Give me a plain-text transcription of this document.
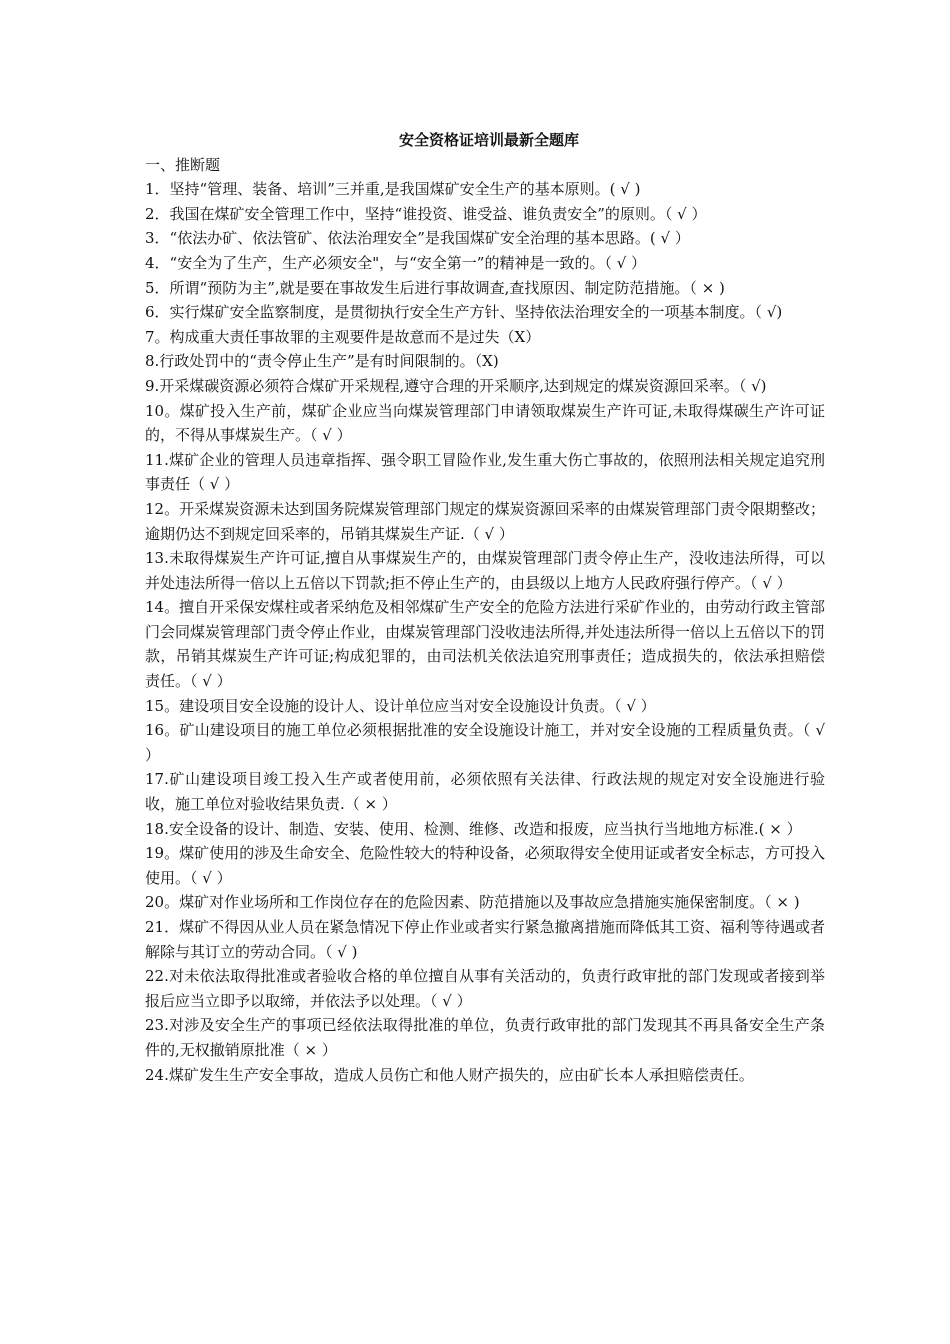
安全资格证培训最新全题库

一、推断题

1．坚持“管理、装备、培训”三并重,是我国煤矿安全生产的基本原则。( √ )

2．我国在煤矿安全管理工作中，坚持“谁投资、谁受益、谁负责安全”的原则。（ √ ）

3．“依法办矿、依法管矿、依法治理安全”是我国煤矿安全治理的基本思路。( √ ）

4．“安全为了生产，生产必须安全"，与“安全第一”的精神是一致的。（ √ ）

5．所谓“预防为主”,就是要在事故发生后进行事故调查,查找原因、制定防范措施。（ × )

6．实行煤矿安全监察制度，是贯彻执行安全生产方针、坚持依法治理安全的一项基本制度。（ √)

7。构成重大责任事故罪的主观要件是故意而不是过失（X）

8.行政处罚中的“责令停止生产”是有时间限制的。（X)

9.开采煤碳资源必须符合煤矿开采规程,遵守合理的开采顺序,达到规定的煤炭资源回采率。（ √)

10。煤矿投入生产前，煤矿企业应当向煤炭管理部门申请领取煤炭生产许可证,未取得煤碳生产许可证的，不得从事煤炭生产。（ √ ）

11.煤矿企业的管理人员违章指挥、强令职工冒险作业,发生重大伤亡事故的，依照刑法相关规定追究刑事责任（ √ ）

12。开采煤炭资源未达到国务院煤炭管理部门规定的煤炭资源回采率的由煤炭管理部门责令限期整改；逾期仍达不到规定回采率的，吊销其煤炭生产证.（ √ ）

13.未取得煤炭生产许可证,擅自从事煤炭生产的，由煤炭管理部门责令停止生产，没收违法所得，可以并处违法所得一倍以上五倍以下罚款;拒不停止生产的，由县级以上地方人民政府强行停产。（ √ ）

14。擅自开采保安煤柱或者采纳危及相邻煤矿生产安全的危险方法进行采矿作业的，由劳动行政主管部门会同煤炭管理部门责令停止作业，由煤炭管理部门没收违法所得,并处违法所得一倍以上五倍以下的罚款，吊销其煤炭生产许可证;构成犯罪的，由司法机关依法追究刑事责任；造成损失的，依法承担赔偿责任。（ √ ）

15。建设项目安全设施的设计人、设计单位应当对安全设施设计负责。（ √ ）

16。矿山建设项目的施工单位必须根据批准的安全设施设计施工，并对安全设施的工程质量负责。（ √ ）

17.矿山建设项目竣工投入生产或者使用前，必须依照有关法律、行政法规的规定对安全设施进行验收，施工单位对验收结果负责.（ × ）

18.安全设备的设计、制造、安装、使用、检测、维修、改造和报废，应当执行当地地方标准.( × ）

19。煤矿使用的涉及生命安全、危险性较大的特种设备，必须取得安全使用证或者安全标志，方可投入使用。（ √ ）

20。煤矿对作业场所和工作岗位存在的危险因素、防范措施以及事故应急措施实施保密制度。（ × )

21．煤矿不得因从业人员在紧急情况下停止作业或者实行紧急撤离措施而降低其工资、福利等待遇或者解除与其订立的劳动合同。（ √ )

22.对未依法取得批准或者验收合格的单位擅自从事有关活动的，负责行政审批的部门发现或者接到举报后应当立即予以取缔，并依法予以处理。（ √ ）

23.对涉及安全生产的事项已经依法取得批准的单位，负责行政审批的部门发现其不再具备安全生产条件的,无权撤销原批准（ × ）

24.煤矿发生生产安全事故，造成人员伤亡和他人财产损失的，应由矿长本人承担赔偿责任。
